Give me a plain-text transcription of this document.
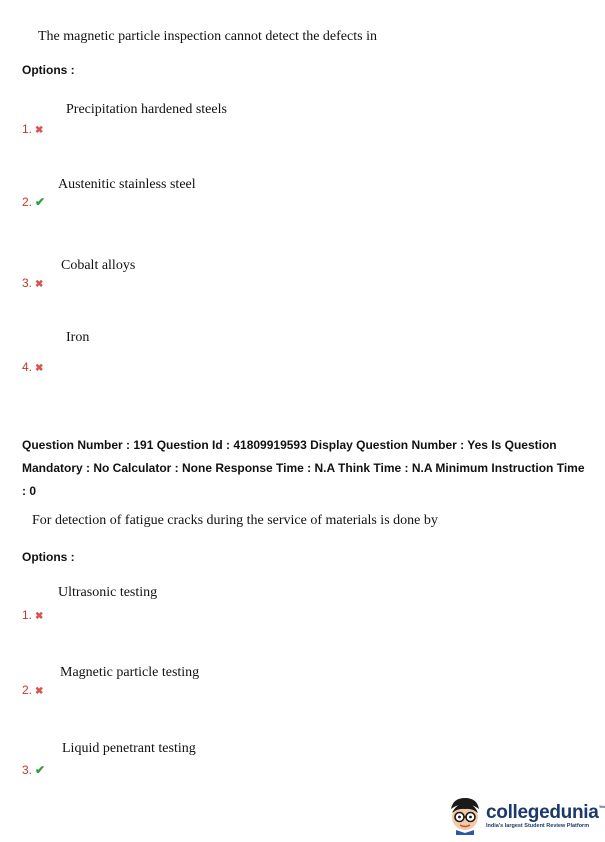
The magnetic particle inspection cannot detect the defects in
Options :
Precipitation hardened steels
1. ✖
Austenitic stainless steel
2. ✔
Cobalt alloys
3. ✖
Iron
4. ✖
Question Number : 191 Question Id : 41809919593 Display Question Number : Yes Is Question Mandatory : No Calculator : None Response Time : N.A Think Time : N.A Minimum Instruction Time : 0
For detection of fatigue cracks during the service of materials is done by
Options :
Ultrasonic testing
1. ✖
Magnetic particle testing
2. ✖
Liquid penetrant testing
3. ✔
collegedunia™
India's largest Student Review Platform
